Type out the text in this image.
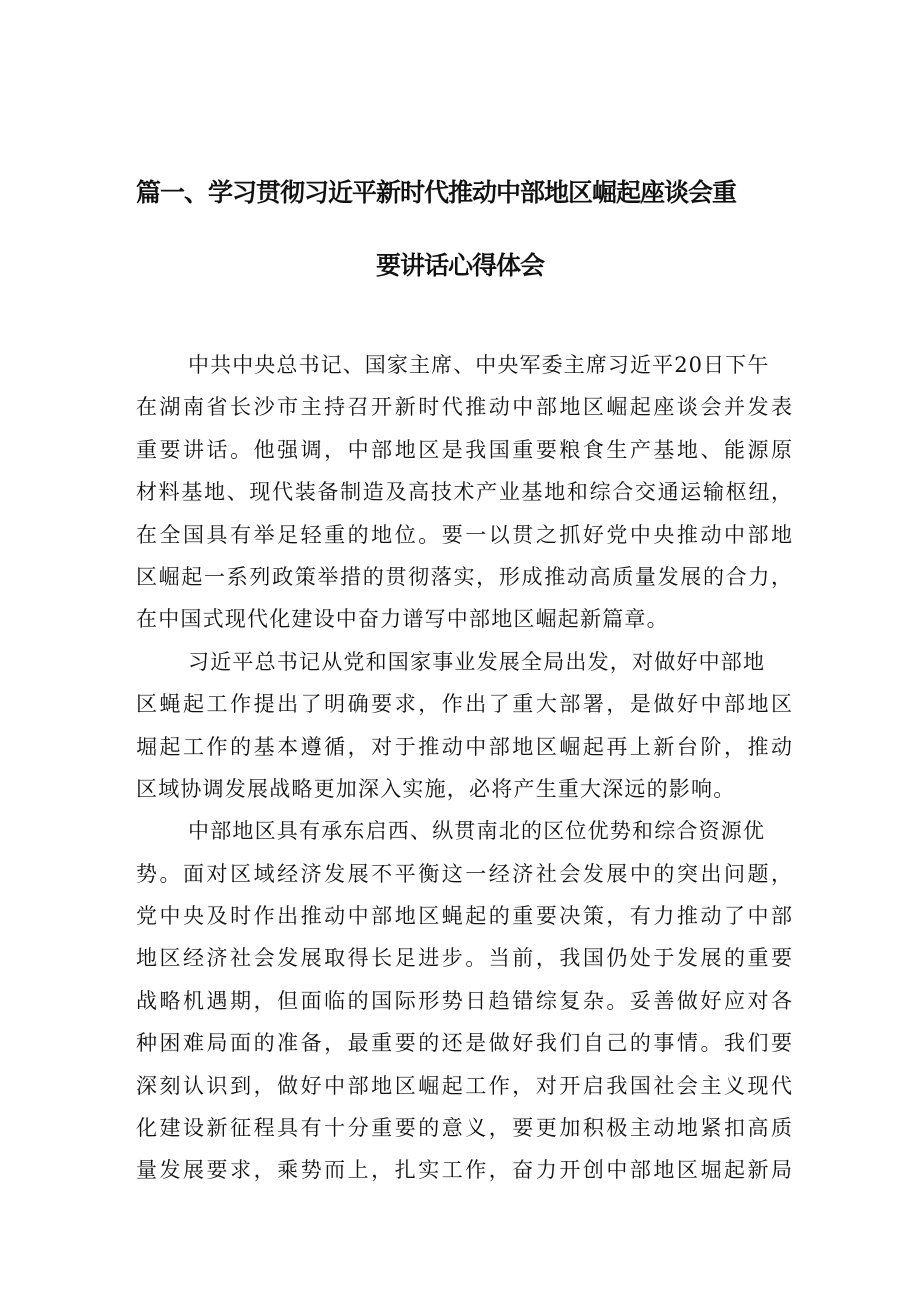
篇一、学习贯彻习近平新时代推动中部地区崛起座谈会重
要讲话心得体会
中共中央总书记、国家主席、中央军委主席习近平20日下午
在湖南省长沙市主持召开新时代推动中部地区崛起座谈会并发表
重要讲话。他强调，中部地区是我国重要粮食生产基地、能源原
材料基地、现代装备制造及高技术产业基地和综合交通运输枢纽，
在全国具有举足轻重的地位。要一以贯之抓好党中央推动中部地
区崛起一系列政策举措的贯彻落实，形成推动高质量发展的合力，
在中国式现代化建设中奋力谱写中部地区崛起新篇章。
习近平总书记从党和国家事业发展全局出发，对做好中部地
区蝇起工作提出了明确要求，作出了重大部署，是做好中部地区
堀起工作的基本遵循，对于推动中部地区崛起再上新台阶，推动
区域协调发展战略更加深入实施，必将产生重大深远的影响。
中部地区具有承东启西、纵贯南北的区位优势和综合资源优
势。面对区域经济发展不平衡这一经济社会发展中的突出问题，
党中央及时作出推动中部地区蝇起的重要决策，有力推动了中部
地区经济社会发展取得长足进步。当前，我国仍处于发展的重要
战略机遇期，但面临的国际形势日趋错综复杂。妥善做好应对各
种困难局面的准备，最重要的还是做好我们自己的事情。我们要
深刻认识到，做好中部地区崛起工作，对开启我国社会主义现代
化建设新征程具有十分重要的意义，要更加积极主动地紧扣高质
量发展要求，乘势而上，扎实工作，奋力开创中部地区堀起新局
